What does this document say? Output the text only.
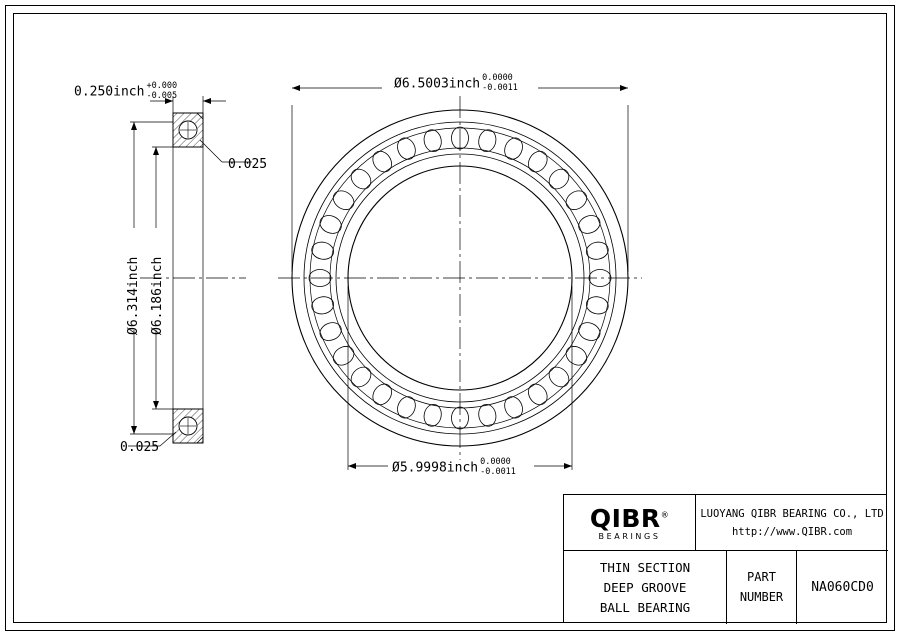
0.250inch +0.000
-0.005
0.025
0.025
Ø6.314inch Ø6.186inch
Ø6.5003inch 0.0000
-0.0011
Ø5.9998inch 0.0000
-0.0011
QIBR®
BEARINGS
LUOYANG QIBR BEARING CO., LTD
http://www.QIBR.com
THIN SECTION
DEEP GROOVE
BALL BEARING
PART
NUMBER
NA060CD0
